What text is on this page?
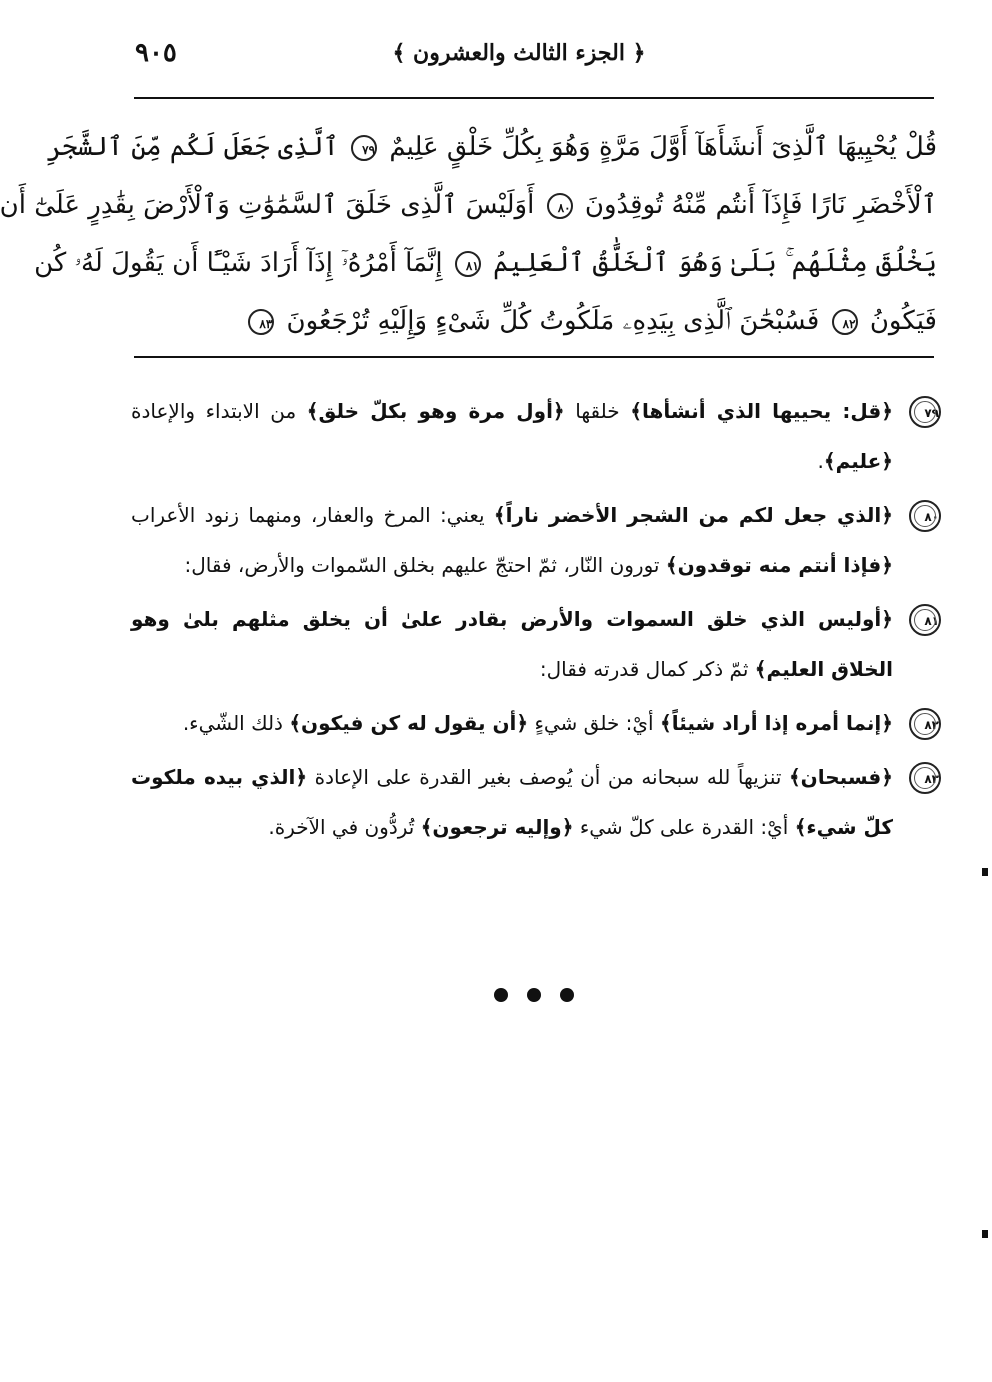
٩٠٥	﴿ الجزء الثالث والعشرون ﴾
قُلْ يُحْيِيهَا ٱلَّذِىٓ أَنشَأَهَآ أَوَّلَ مَرَّةٍ وَهُوَ بِكُلِّ خَلْقٍ عَلِيمٌ ٧٩ ٱلَّذِى جَعَلَ لَكُم مِّنَ ٱلشَّجَرِ
ٱلْأَخْضَرِ نَارًا فَإِذَآ أَنتُم مِّنْهُ تُوقِدُونَ ٨٠ أَوَلَيْسَ ٱلَّذِى خَلَقَ ٱلسَّمَٰوَٰتِ وَٱلْأَرْضَ بِقَٰدِرٍ عَلَىٰٓ أَن
يَخْلُقَ مِثْلَهُم ۚ بَلَىٰ وَهُوَ ٱلْخَلَّٰقُ ٱلْعَلِيمُ ٨١ إِنَّمَآ أَمْرُهُۥٓ إِذَآ أَرَادَ شَيْـًٔا أَن يَقُولَ لَهُۥ كُن
فَيَكُونُ ٨٢ فَسُبْحَٰنَ ٱلَّذِى بِيَدِهِۦ مَلَكُوتُ كُلِّ شَىْءٍ وَإِلَيْهِ تُرْجَعُونَ ٨٣
٧٩
﴿قل: يحييها الذي أنشأها﴾ خلقها ﴿أول مرة وهو بكلّ خلق﴾ من الابتداء والإعادة ﴿عليم﴾.
٨٠
﴿الذي جعل لكم من الشجر الأخضر ناراً﴾ يعني: المرخ والعفار، ومنهما زنود الأعراب ﴿فإذا أنتم منه توقدون﴾ تورون النّار، ثمّ احتجّ عليهم بخلق السّموات والأرض، فقال:
٨١
﴿أوليس الذي خلق السموات والأرض بقادر علىٰ أن يخلق مثلهم بلىٰ وهو الخلاق العليم﴾ ثمّ ذكر كمال قدرته فقال:
٨٢
﴿إنما أمره إذا أراد شيئاً﴾ أيْ: خلق شيءٍ ﴿أن يقول له كن فيكون﴾ ذلك الشّيء.
٨٣
﴿فسبحان﴾ تنزيهاً لله سبحانه من أن يُوصف بغير القدرة على الإعادة ﴿الذي بيده ملكوت كلّ شيء﴾ أيْ: القدرة على كلّ شيء ﴿وإليه ترجعون﴾ تُردُّون في الآخرة.
